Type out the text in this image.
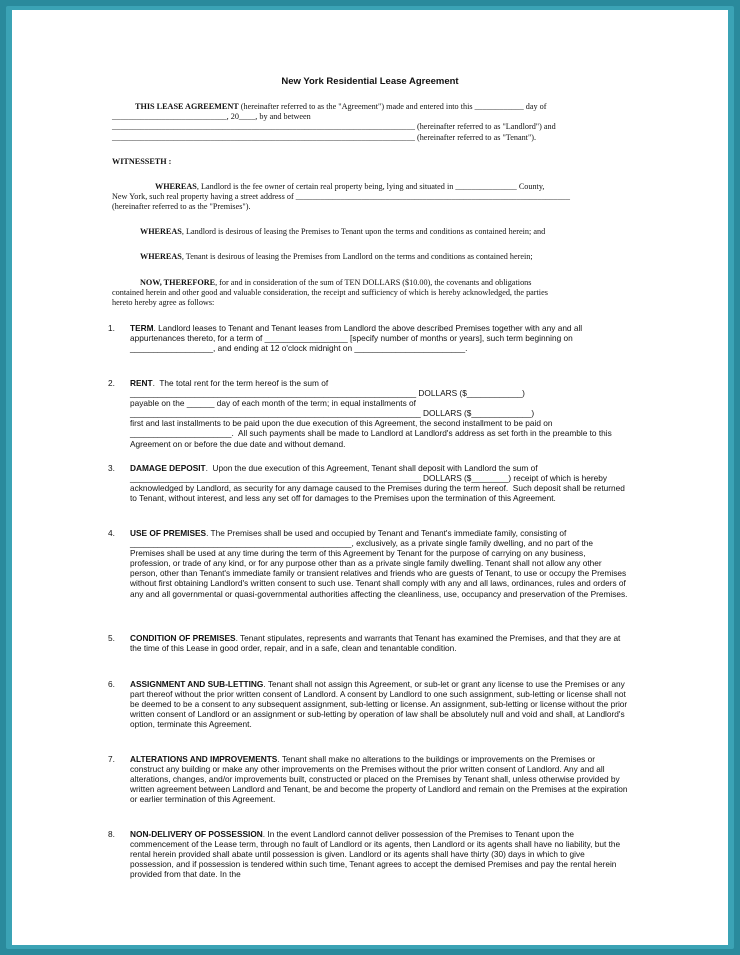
New York Residential Lease Agreement
THIS LEASE AGREEMENT (hereinafter referred to as the "Agreement") made and entered into this ____________ day of
____________________________, 20____, by and between
__________________________________________________________________________ (hereinafter referred to as "Landlord") and
__________________________________________________________________________ (hereinafter referred to as "Tenant").
WITNESSETH :
WHEREAS, Landlord is the fee owner of certain real property being, lying and situated in _______________ County,
New York, such real property having a street address of ___________________________________________________________________
(hereinafter referred to as the "Premises").
WHEREAS, Landlord is desirous of leasing the Premises to Tenant upon the terms and conditions as contained herein; and
WHEREAS, Tenant is desirous of leasing the Premises from Landlord on the terms and conditions as contained herein;
NOW, THEREFORE, for and in consideration of the sum of TEN DOLLARS ($10.00), the covenants and obligations
contained herein and other good and valuable consideration, the receipt and sufficiency of which is hereby acknowledged, the parties
hereto hereby agree as follows:
1. TERM. Landlord leases to Tenant and Tenant leases from Landlord the above described Premises together with any and all appurtenances thereto, for a term of __________________ [specify number of months or years], such term beginning on __________________, and ending at 12 o'clock midnight on ________________________.
2. RENT.  The total rent for the term hereof is the sum of
______________________________________________________________ DOLLARS ($____________)
payable on the ______ day of each month of the term; in equal installments of
_______________________________________________________________ DOLLARS ($_____________)
first and last installments to be paid upon the due execution of this Agreement, the second installment to be paid on ______________________.  All such payments shall be made to Landlord at Landlord's address as set forth in the preamble to this Agreement on or before the due date and without demand.
3. DAMAGE DEPOSIT.  Upon the due execution of this Agreement, Tenant shall deposit with Landlord the sum of
_______________________________________________________________ DOLLARS ($________) receipt of which is hereby acknowledged by Landlord, as security for any damage caused to the Premises during the term hereof.  Such deposit shall be returned to Tenant, without interest, and less any set off for damages to the Premises upon the termination of this Agreement.
4. USE OF PREMISES. The Premises shall be used and occupied by Tenant and Tenant's immediate family, consisting of ________________________________________________, exclusively, as a private single family dwelling, and no part of the Premises shall be used at any time during the term of this Agreement by Tenant for the purpose of carrying on any business, profession, or trade of any kind, or for any purpose other than as a private single family dwelling. Tenant shall not allow any other person, other than Tenant's immediate family or transient relatives and friends who are guests of Tenant, to use or occupy the Premises without first obtaining Landlord's written consent to such use. Tenant shall comply with any and all laws, ordinances, rules and orders of any and all governmental or quasi-governmental authorities affecting the cleanliness, use, occupancy and preservation of the Premises.
5. CONDITION OF PREMISES. Tenant stipulates, represents and warrants that Tenant has examined the Premises, and that they are at the time of this Lease in good order, repair, and in a safe, clean and tenantable condition.
6. ASSIGNMENT AND SUB-LETTING. Tenant shall not assign this Agreement, or sub-let or grant any license to use the Premises or any part thereof without the prior written consent of Landlord. A consent by Landlord to one such assignment, sub-letting or license shall not be deemed to be a consent to any subsequent assignment, sub-letting or license. An assignment, sub-letting or license without the prior written consent of Landlord or an assignment or sub-letting by operation of law shall be absolutely null and void and shall, at Landlord's option, terminate this Agreement.
7. ALTERATIONS AND IMPROVEMENTS. Tenant shall make no alterations to the buildings or improvements on the Premises or construct any building or make any other improvements on the Premises without the prior written consent of Landlord. Any and all alterations, changes, and/or improvements built, constructed or placed on the Premises by Tenant shall, unless otherwise provided by written agreement between Landlord and Tenant, be and become the property of Landlord and remain on the Premises at the expiration or earlier termination of this Agreement.
8. NON-DELIVERY OF POSSESSION. In the event Landlord cannot deliver possession of the Premises to Tenant upon the commencement of the Lease term, through no fault of Landlord or its agents, then Landlord or its agents shall have no liability, but the rental herein provided shall abate until possession is given. Landlord or its agents shall have thirty (30) days in which to give possession, and if possession is tendered within such time, Tenant agrees to accept the demised Premises and pay the rental herein provided from that date. In the
